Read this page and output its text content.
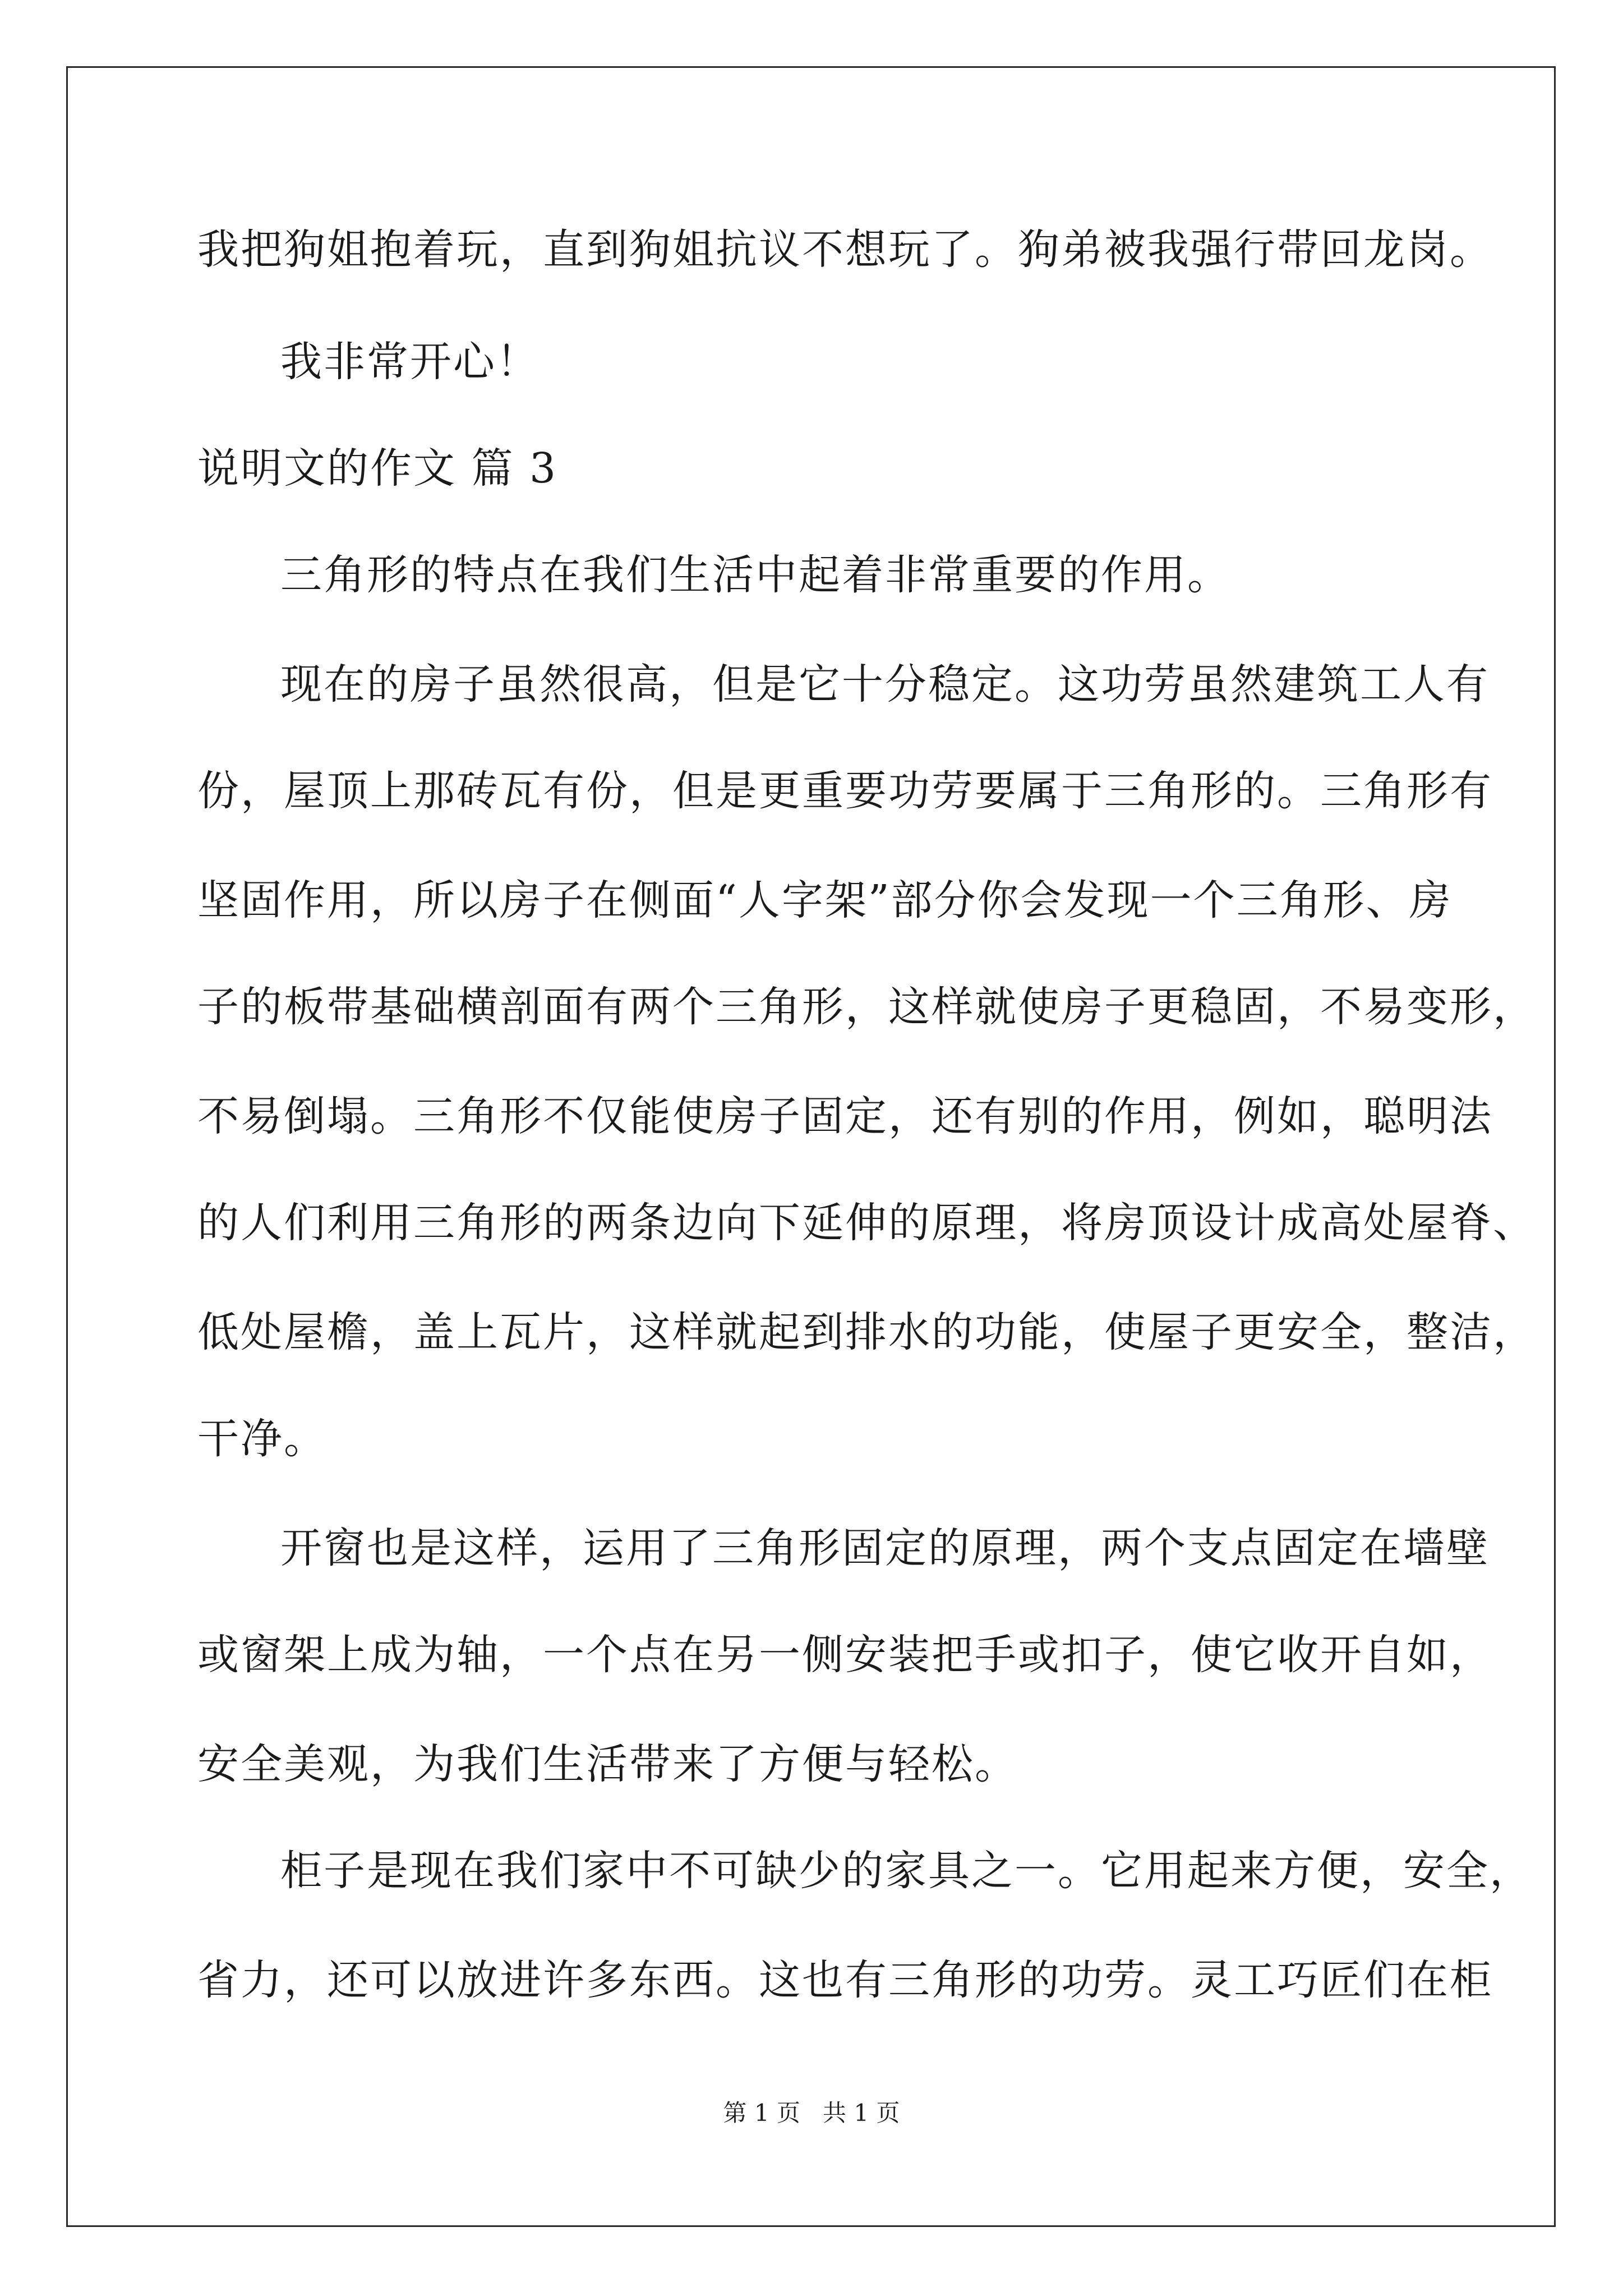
我把狗姐抱着玩，直到狗姐抗议不想玩了。狗弟被我强行带回龙岗。
我非常开心！
说明文的作文 篇 3
三角形的特点在我们生活中起着非常重要的作用。
现在的房子虽然很高，但是它十分稳定。这功劳虽然建筑工人有
份，屋顶上那砖瓦有份，但是更重要功劳要属于三角形的。三角形有
坚固作用，所以房子在侧面“人字架”部分你会发现一个三角形、房
子的板带基础横剖面有两个三角形，这样就使房子更稳固，不易变形，
不易倒塌。三角形不仅能使房子固定，还有别的作用，例如，聪明法
的人们利用三角形的两条边向下延伸的原理，将房顶设计成高处屋脊、
低处屋檐，盖上瓦片，这样就起到排水的功能，使屋子更安全，整洁，
干净。
开窗也是这样，运用了三角形固定的原理，两个支点固定在墙壁
或窗架上成为轴，一个点在另一侧安装把手或扣子，使它收开自如，
安全美观，为我们生活带来了方便与轻松。
柜子是现在我们家中不可缺少的家具之一。它用起来方便，安全，
省力，还可以放进许多东西。这也有三角形的功劳。灵工巧匠们在柜
第 1 页   共 1 页
